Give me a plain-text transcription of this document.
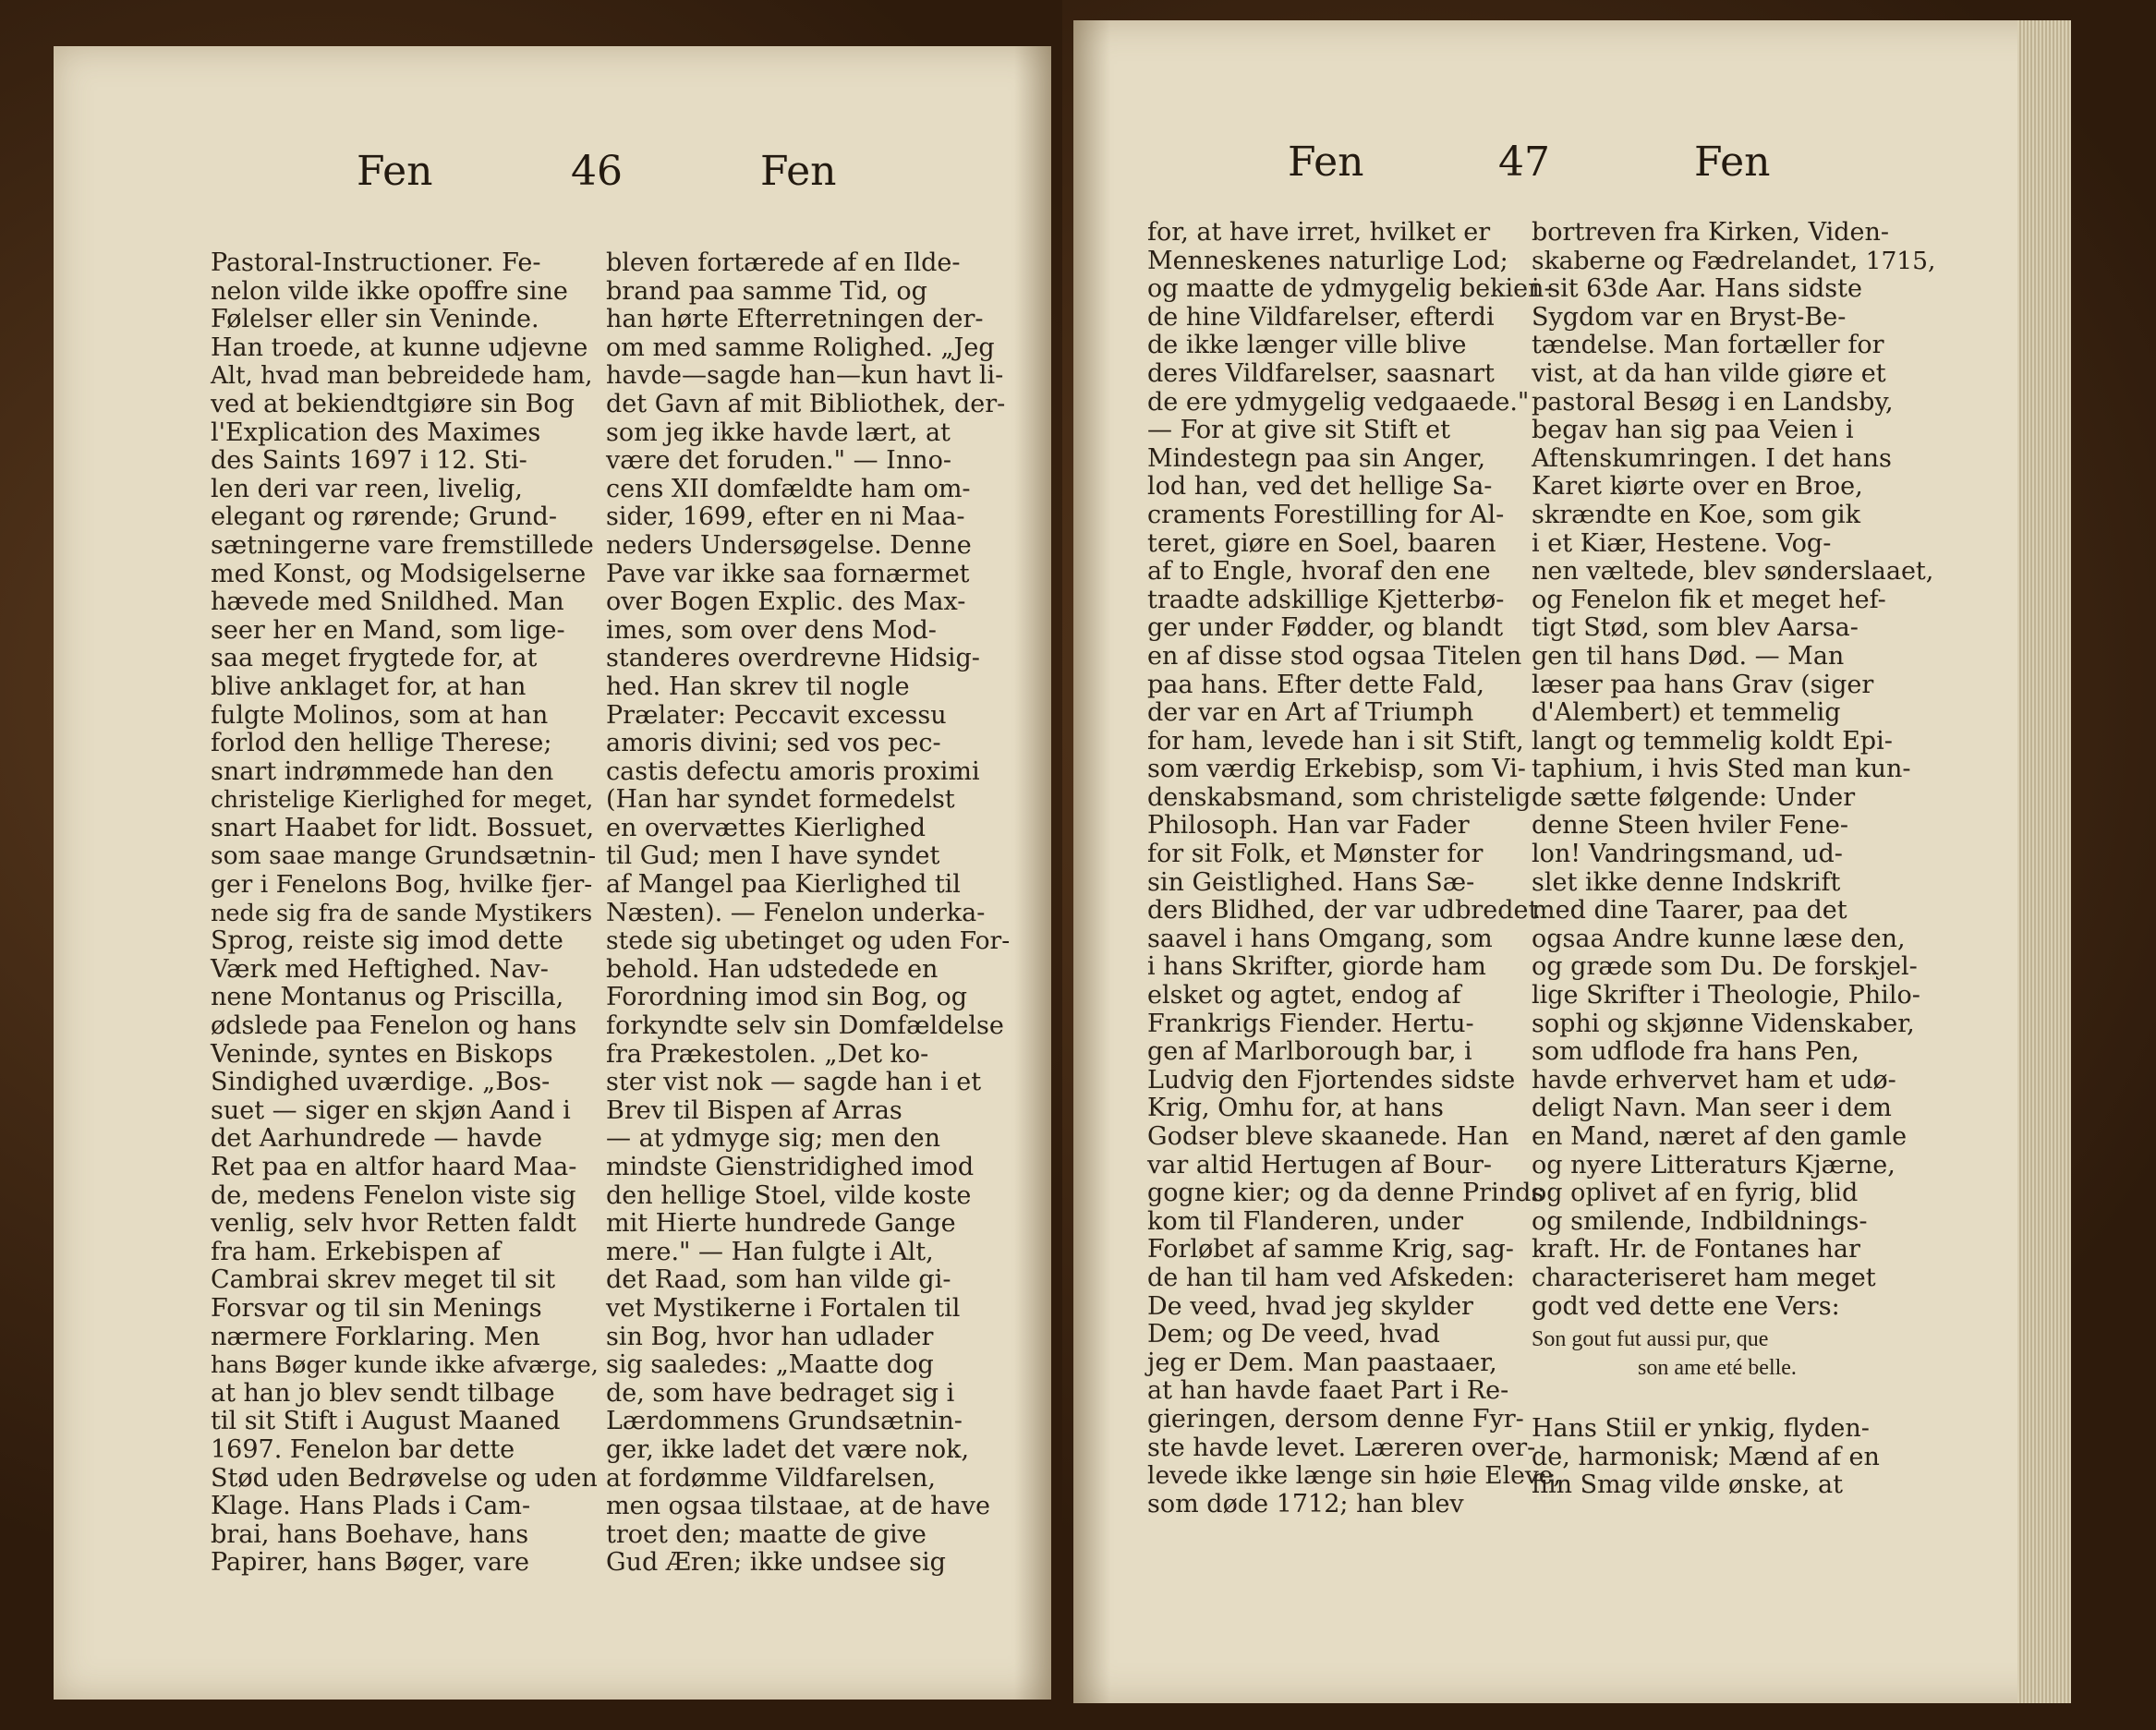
Fen	46	Fen
Pastoral-Instructioner. Fe-
nelon vilde ikke opoffre sine
Følelser eller sin Veninde.
Han troede, at kunne udjevne
Alt, hvad man bebreidede ham,
ved at bekiendtgiøre sin Bog
l'Explication des Maximes
des Saints 1697 i 12. Sti-
len deri var reen, livelig,
elegant og rørende; Grund-
sætningerne vare fremstillede
med Konst, og Modsigelserne
hævede med Snildhed. Man
seer her en Mand, som lige-
saa meget frygtede for, at
blive anklaget for, at han
fulgte Molinos, som at han
forlod den hellige Therese;
snart indrømmede han den
christelige Kierlighed for meget,
snart Haabet for lidt. Bossuet,
som saae mange Grundsætnin-
ger i Fenelons Bog, hvilke fjer-
nede sig fra de sande Mystikers
Sprog, reiste sig imod dette
Værk med Heftighed. Nav-
nene Montanus og Priscilla,
ødslede paa Fenelon og hans
Veninde, syntes en Biskops
Sindighed uværdige. „Bos-
suet — siger en skjøn Aand i
det Aarhundrede — havde
Ret paa en altfor haard Maa-
de, medens Fenelon viste sig
venlig, selv hvor Retten faldt
fra ham. Erkebispen af
Cambrai skrev meget til sit
Forsvar og til sin Menings
nærmere Forklaring. Men
hans Bøger kunde ikke afværge,
at han jo blev sendt tilbage
til sit Stift i August Maaned
1697. Fenelon bar dette
Stød uden Bedrøvelse og uden
Klage. Hans Plads i Cam-
brai, hans Boehave, hans
Papirer, hans Bøger, vare
bleven fortærede af en Ilde-
brand paa samme Tid, og
han hørte Efterretningen der-
om med samme Rolighed. „Jeg
havde—sagde han—kun havt li-
det Gavn af mit Bibliothek, der-
som jeg ikke havde lært, at
være det foruden." — Inno-
cens XII domfældte ham om-
sider, 1699, efter en ni Maa-
neders Undersøgelse. Denne
Pave var ikke saa fornærmet
over Bogen Explic. des Max-
imes, som over dens Mod-
standeres overdrevne Hidsig-
hed. Han skrev til nogle
Prælater: Peccavit excessu
amoris divini; sed vos pec-
castis defectu amoris proximi
(Han har syndet formedelst
en overvættes Kierlighed
til Gud; men I have syndet
af Mangel paa Kierlighed til
Næsten). — Fenelon underka-
stede sig ubetinget og uden For-
behold. Han udstedede en
Forordning imod sin Bog, og
forkyndte selv sin Domfældelse
fra Prækestolen. „Det ko-
ster vist nok — sagde han i et
Brev til Bispen af Arras
— at ydmyge sig; men den
mindste Gienstridighed imod
den hellige Stoel, vilde koste
mit Hierte hundrede Gange
mere." — Han fulgte i Alt,
det Raad, som han vilde gi-
vet Mystikerne i Fortalen til
sin Bog, hvor han udlader
sig saaledes: „Maatte dog
de, som have bedraget sig i
Lærdommens Grundsætnin-
ger, ikke ladet det være nok,
at fordømme Vildfarelsen,
men ogsaa tilstaae, at de have
troet den; maatte de give
Gud Æren; ikke undsee sig
Fen	47	Fen
for, at have irret, hvilket er
Menneskenes naturlige Lod;
og maatte de ydmygelig bekien-
de hine Vildfarelser, efterdi
de ikke længer ville blive
deres Vildfarelser, saasnart
de ere ydmygelig vedgaaede."
— For at give sit Stift et
Mindestegn paa sin Anger,
lod han, ved det hellige Sa-
craments Forestilling for Al-
teret, giøre en Soel, baaren
af to Engle, hvoraf den ene
traadte adskillige Kjetterbø-
ger under Fødder, og blandt
en af disse stod ogsaa Titelen
paa hans. Efter dette Fald,
der var en Art af Triumph
for ham, levede han i sit Stift,
som værdig Erkebisp, som Vi-
denskabsmand, som christelig
Philosoph. Han var Fader
for sit Folk, et Mønster for
sin Geistlighed. Hans Sæ-
ders Blidhed, der var udbredet
saavel i hans Omgang, som
i hans Skrifter, giorde ham
elsket og agtet, endog af
Frankrigs Fiender. Hertu-
gen af Marlborough bar, i
Ludvig den Fjortendes sidste
Krig, Omhu for, at hans
Godser bleve skaanede. Han
var altid Hertugen af Bour-
gogne kier; og da denne Prinds
kom til Flanderen, under
Forløbet af samme Krig, sag-
de han til ham ved Afskeden:
De veed, hvad jeg skylder
Dem; og De veed, hvad
jeg er Dem. Man paastaaer,
at han havde faaet Part i Re-
gieringen, dersom denne Fyr-
ste havde levet. Læreren over-
levede ikke længe sin høie Eleve,
som døde 1712; han blev
bortreven fra Kirken, Viden-
skaberne og Fædrelandet, 1715,
i sit 63de Aar. Hans sidste
Sygdom var en Bryst-Be-
tændelse. Man fortæller for
vist, at da han vilde giøre et
pastoral Besøg i en Landsby,
begav han sig paa Veien i
Aftenskumringen. I det hans
Karet kiørte over en Broe,
skrændte en Koe, som gik
i et Kiær, Hestene. Vog-
nen væltede, blev sønderslaaet,
og Fenelon fik et meget hef-
tigt Stød, som blev Aarsa-
gen til hans Død. — Man
læser paa hans Grav (siger
d'Alembert) et temmelig
langt og temmelig koldt Epi-
taphium, i hvis Sted man kun-
de sætte følgende: Under
denne Steen hviler Fene-
lon! Vandringsmand, ud-
slet ikke denne Indskrift
med dine Taarer, paa det
ogsaa Andre kunne læse den,
og græde som Du. De forskjel-
lige Skrifter i Theologie, Philo-
sophi og skjønne Videnskaber,
som udflode fra hans Pen,
havde erhvervet ham et udø-
deligt Navn. Man seer i dem
en Mand, næret af den gamle
og nyere Litteraturs Kjærne,
og oplivet af en fyrig, blid
og smilende, Indbildnings-
kraft. Hr. de Fontanes har
characteriseret ham meget
godt ved dette ene Vers:
Son gout fut aussi pur, que
son ame eté belle.
Hans Stiil er ynkig, flyden-
de, harmonisk; Mænd af en
fiin Smag vilde ønske, at
